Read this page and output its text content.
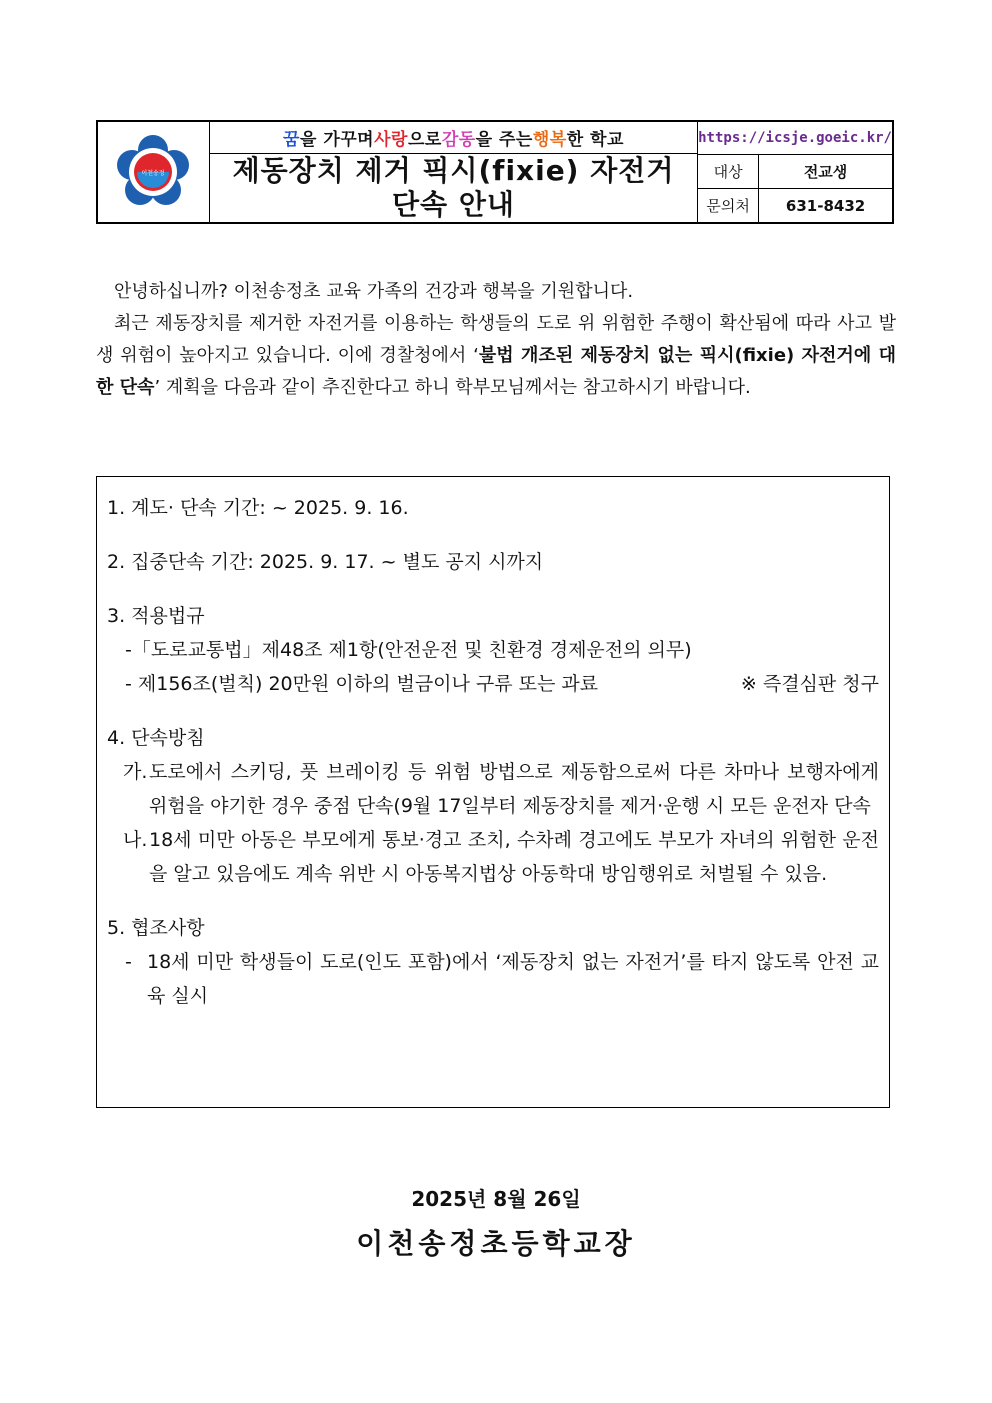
이천송정
꿈 을 가꾸며 사랑 으로 감동 을 주는 행복 한 학교
제동장치 제거 픽시(fixie) 자전거
단속 안내
https://icsje.goeic.kr/
대상	전교생
문의처	631-8432

안녕하십니까? 이천송정초 교육 가족의 건강과 행복을 기원합니다.

최근 제동장치를 제거한 자전거를 이용하는 학생들의 도로 위 위험한 주행이 확산됨에 따라 사고 발생 위험이 높아지고 있습니다. 이에 경찰청에서 ‘불법 개조된 제동장치 없는 픽시(fixie) 자전거에 대한 단속’ 계획을 다음과 같이 추진한다고 하니 학부모님께서는 참고하시기 바랍니다.

1. 계도· 단속 기간: ~ 2025. 9. 16.
2. 집중단속 기간: 2025. 9. 17. ~ 별도 공지 시까지
3. 적용법규
-「도로교통법」제48조 제1항(안전운전 및 친환경 경제운전의 의무)
- 제156조(벌칙) 20만원 이하의 벌금이나 구류 또는 과료	※ 즉결심판 청구
4. 단속방침
가. 도로에서 스키딩, 풋 브레이킹 등 위험 방법으로 제동함으로써 다른 차마나 보행자에게 위험을 야기한 경우 중점 단속(9월 17일부터 제동장치를 제거·운행 시 모든 운전자 단속
나. 18세 미만 아동은 부모에게 통보·경고 조치, 수차례 경고에도 부모가 자녀의 위험한 운전을 알고 있음에도 계속 위반 시 아동복지법상 아동학대 방임행위로 처벌될 수 있음.
5. 협조사항
- 18세 미만 학생들이 도로(인도 포함)에서 ‘제동장치 없는 자전거’를 타지 않도록 안전 교육 실시
2025년 8월 26일
이천송정초등학교장
